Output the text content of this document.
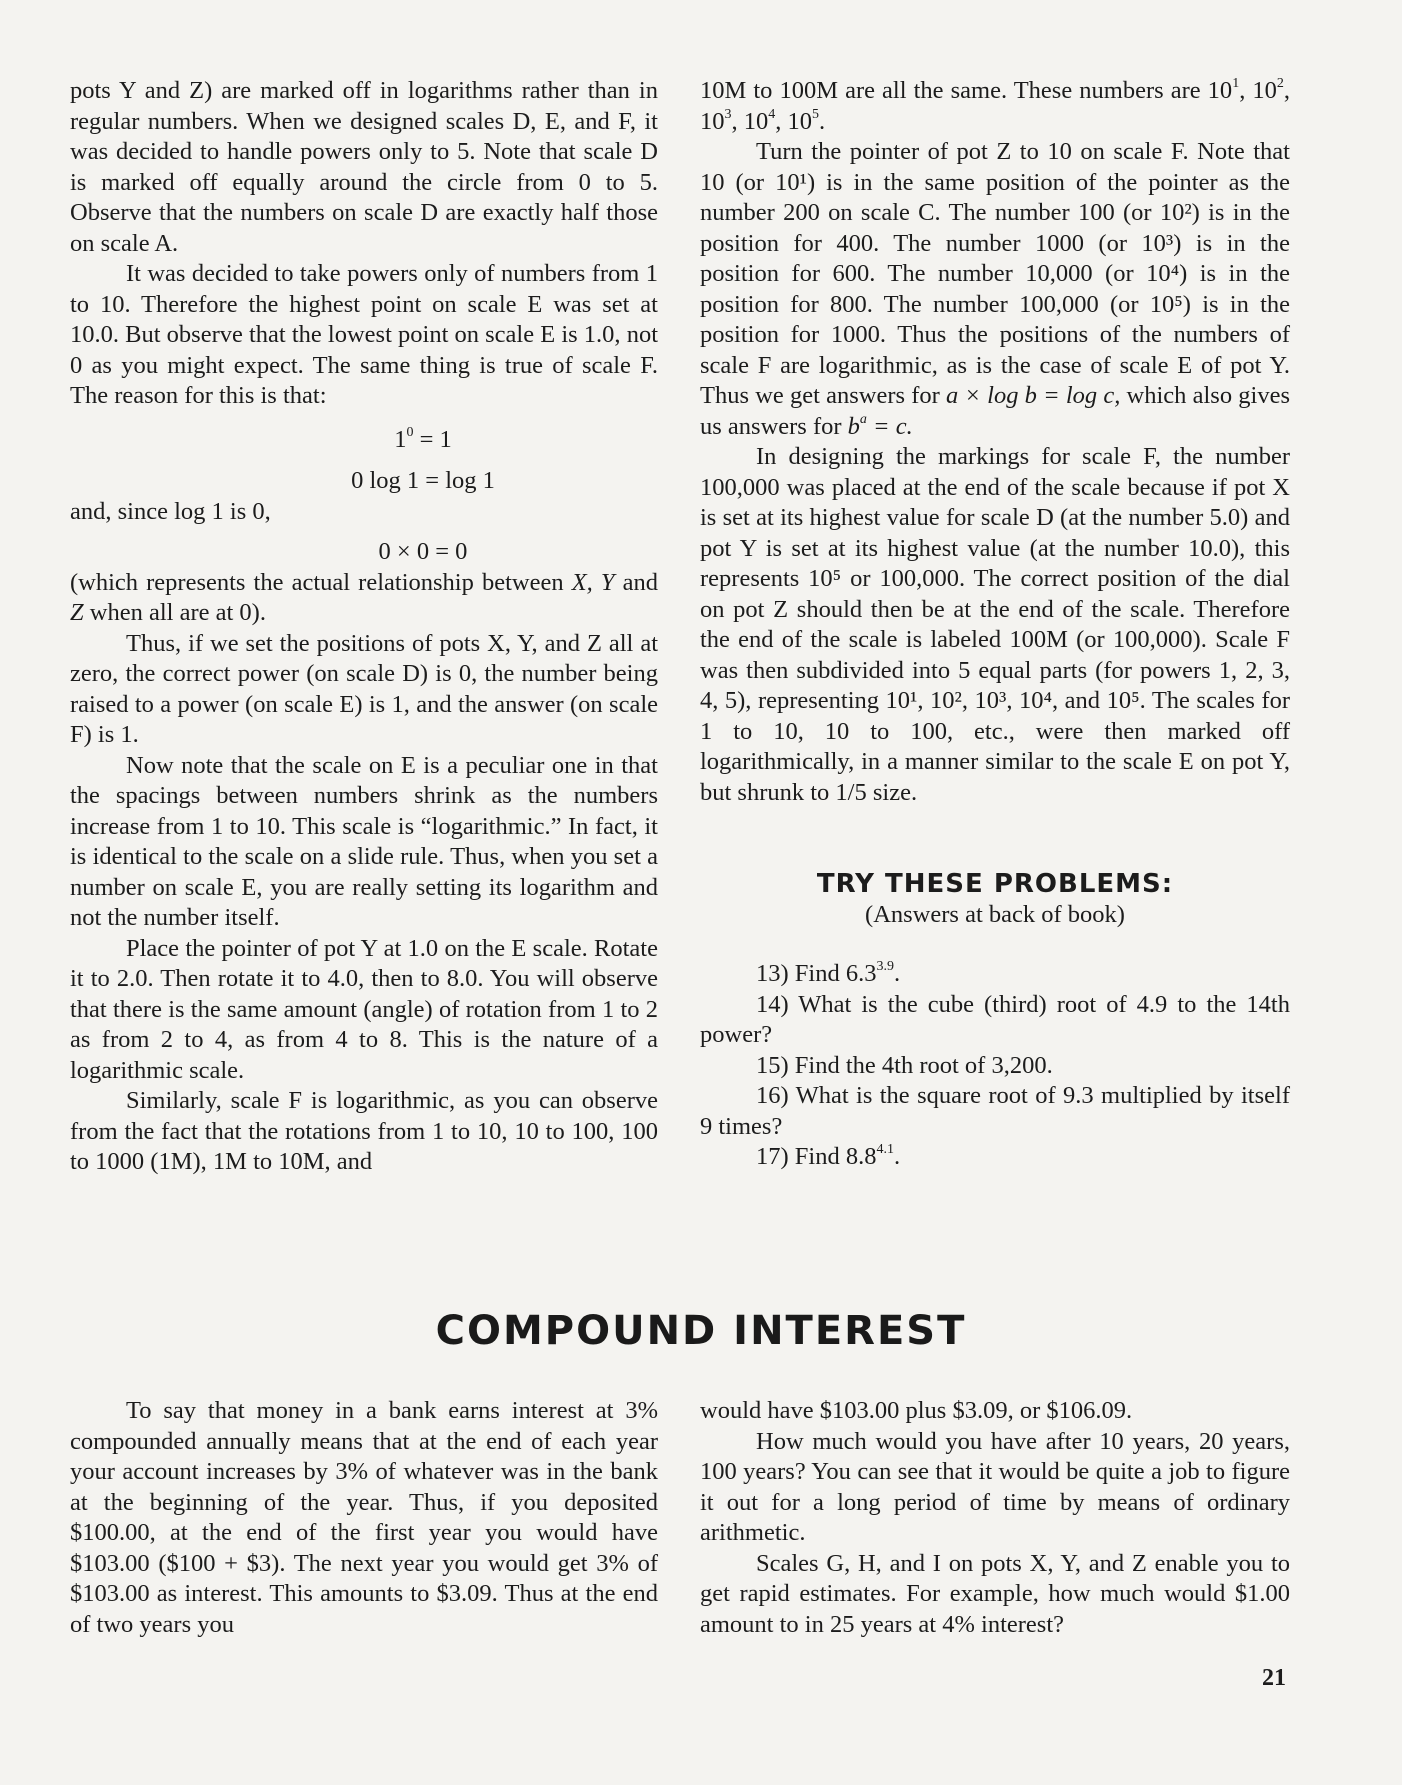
pots Y and Z) are marked off in logarithms rather than in regular numbers. When we designed scales D, E, and F, it was decided to handle powers only to 5. Note that scale D is marked off equally around the circle from 0 to 5. Observe that the numbers on scale D are exactly half those on scale A.

It was decided to take powers only of numbers from 1 to 10. Therefore the highest point on scale E was set at 10.0. But observe that the lowest point on scale E is 1.0, not 0 as you might expect. The same thing is true of scale F. The reason for this is that:

$1^0 = 1$

0 log 1 = log 1

and, since log 1 is 0,

0 × 0 = 0

(which represents the actual relationship between X, Y and Z when all are at 0).

Thus, if we set the positions of pots X, Y, and Z all at zero, the correct power (on scale D) is 0, the number being raised to a power (on scale E) is 1, and the answer (on scale F) is 1.

Now note that the scale on E is a peculiar one in that the spacings between numbers shrink as the numbers increase from 1 to 10. This scale is “logarithmic.” In fact, it is identical to the scale on a slide rule. Thus, when you set a number on scale E, you are really setting its logarithm and not the number itself.

Place the pointer of pot Y at 1.0 on the E scale. Rotate it to 2.0. Then rotate it to 4.0, then to 8.0. You will observe that there is the same amount (angle) of rotation from 1 to 2 as from 2 to 4, as from 4 to 8. This is the nature of a logarithmic scale.

Similarly, scale F is logarithmic, as you can observe from the fact that the rotations from 1 to 10, 10 to 100, 100 to 1000 (1M), 1M to 10M, and

10M to 100M are all the same. These numbers are $10^1$, $10^2$, $10^3$, $10^4$, $10^5$.

Turn the pointer of pot Z to 10 on scale F. Note that 10 (or 10¹) is in the same position of the pointer as the number 200 on scale C. The number 100 (or 10²) is in the position for 400. The number 1000 (or 10³) is in the position for 600. The number 10,000 (or 10⁴) is in the position for 800. The number 100,000 (or 10⁵) is in the position for 1000. Thus the positions of the numbers of scale F are logarithmic, as is the case of scale E of pot Y. Thus we get answers for a × log b = log c, which also gives us answers for $b^a = c$.

In designing the markings for scale F, the number 100,000 was placed at the end of the scale because if pot X is set at its highest value for scale D (at the number 5.0) and pot Y is set at its highest value (at the number 10.0), this represents 10⁵ or 100,000. The correct position of the dial on pot Z should then be at the end of the scale. Therefore the end of the scale is labeled 100M (or 100,000). Scale F was then subdivided into 5 equal parts (for powers 1, 2, 3, 4, 5), representing 10¹, 10², 10³, 10⁴, and 10⁵. The scales for 1 to 10, 10 to 100, etc., were then marked off logarithmically, in a manner similar to the scale E on pot Y, but shrunk to 1/5 size.

TRY THESE PROBLEMS:

(Answers at back of book)

13) Find $6.3^{3.9}$.

14) What is the cube (third) root of 4.9 to the 14th power?

15) Find the 4th root of 3,200.

16) What is the square root of 9.3 multiplied by itself 9 times?

17) Find $8.8^{4.1}$.

COMPOUND INTEREST

To say that money in a bank earns interest at 3% compounded annually means that at the end of each year your account increases by 3% of whatever was in the bank at the beginning of the year. Thus, if you deposited $100.00, at the end of the first year you would have $103.00 ($100 + $3). The next year you would get 3% of $103.00 as interest. This amounts to $3.09. Thus at the end of two years you

would have $103.00 plus $3.09, or $106.09.

How much would you have after 10 years, 20 years, 100 years? You can see that it would be quite a job to figure it out for a long period of time by means of ordinary arithmetic.

Scales G, H, and I on pots X, Y, and Z enable you to get rapid estimates. For example, how much would $1.00 amount to in 25 years at 4% interest?

21
